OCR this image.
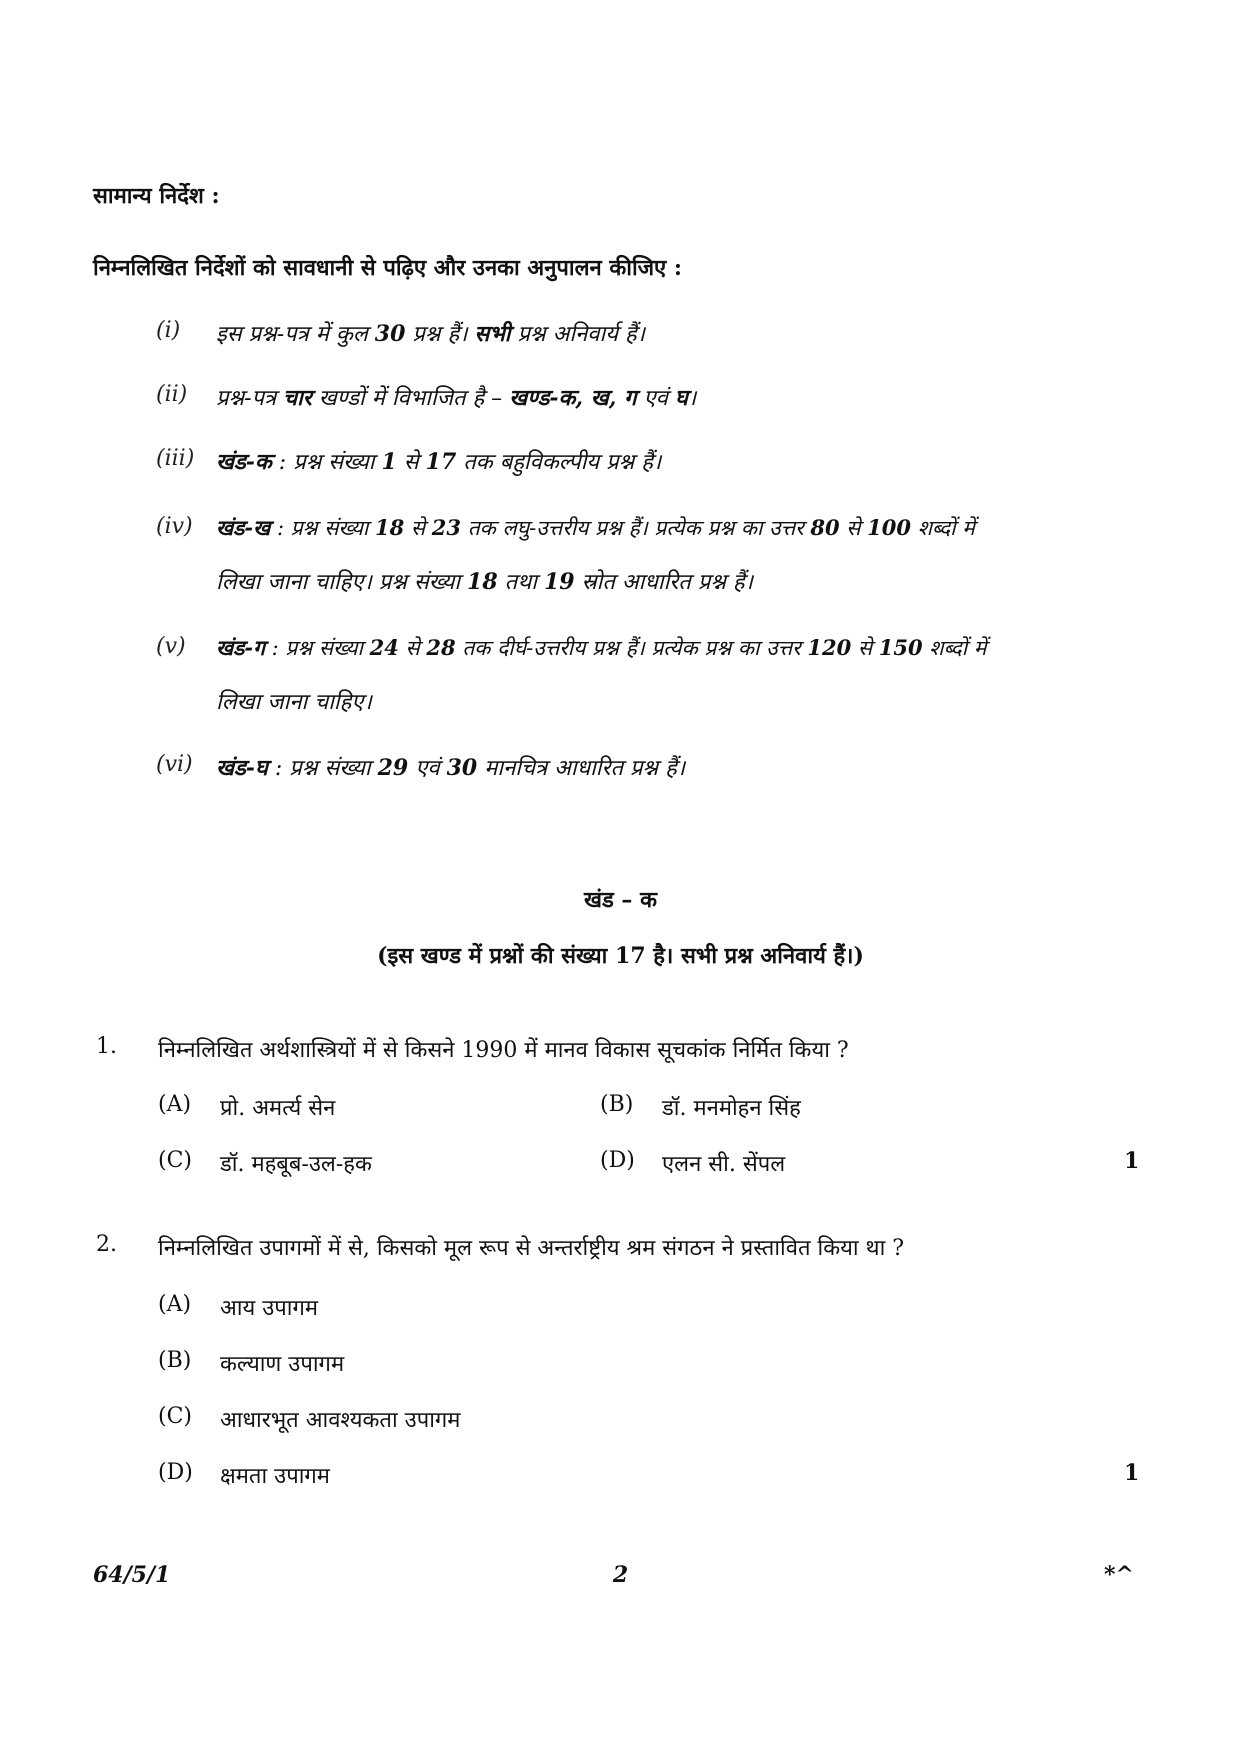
सामान्य निर्देश :
निम्नलिखित निर्देशों को सावधानी से पढ़िए और उनका अनुपालन कीजिए :
(i) इस प्रश्न-पत्र में कुल 30 प्रश्न हैं। सभी प्रश्न अनिवार्य हैं।
(ii) प्रश्न-पत्र चार खण्डों में विभाजित है – खण्ड-क, ख, ग एवं घ।
(iii) खंड-क : प्रश्न संख्या 1 से 17 तक बहुविकल्पीय प्रश्न हैं।
(iv) खंड-ख : प्रश्न संख्या 18 से 23 तक लघु-उत्तरीय प्रश्न हैं। प्रत्येक प्रश्न का उत्तर 80 से 100 शब्दों में
लिखा जाना चाहिए। प्रश्न संख्या 18 तथा 19 स्रोत आधारित प्रश्न हैं।
(v) खंड-ग : प्रश्न संख्या 24 से 28 तक दीर्घ-उत्तरीय प्रश्न हैं। प्रत्येक प्रश्न का उत्तर 120 से 150 शब्दों में
लिखा जाना चाहिए।
(vi) खंड-घ : प्रश्न संख्या 29 एवं 30 मानचित्र आधारित प्रश्न हैं।
खंड – क
(इस खण्ड में प्रश्नों की संख्या 17 है। सभी प्रश्न अनिवार्य हैं।)
1. निम्नलिखित अर्थशास्त्रियों में से किसने 1990 में मानव विकास सूचकांक निर्मित किया ?
(A) प्रो. अमर्त्य सेन	(B) डॉ. मनमोहन सिंह
(C) डॉ. महबूब-उल-हक	(D) एलन सी. सेंपल	1
2. निम्नलिखित उपागमों में से, किसको मूल रूप से अन्तर्राष्ट्रीय श्रम संगठन ने प्रस्तावित किया था ?
(A) आय उपागम
(B) कल्याण उपागम
(C) आधारभूत आवश्यकता उपागम
(D) क्षमता उपागम	1
64/5/1	2	*^
